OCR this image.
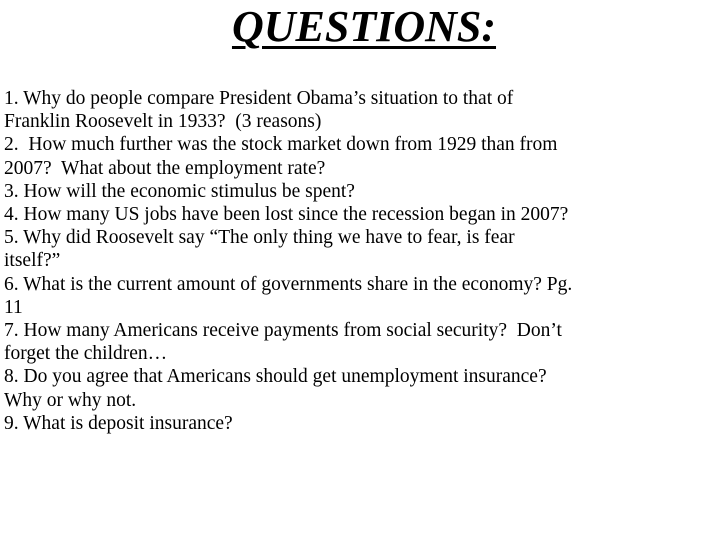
QUESTIONS:
1. Why do people compare President Obama’s situation to that of
Franklin Roosevelt in 1933?  (3 reasons)
2.  How much further was the stock market down from 1929 than from
2007?  What about the employment rate?
3. How will the economic stimulus be spent?
4. How many US jobs have been lost since the recession began in 2007?
5. Why did Roosevelt say “The only thing we have to fear, is fear
itself?”
6. What is the current amount of governments share in the economy? Pg.
11
7. How many Americans receive payments from social security?  Don’t
forget the children…
8. Do you agree that Americans should get unemployment insurance?
Why or why not.
9. What is deposit insurance?
